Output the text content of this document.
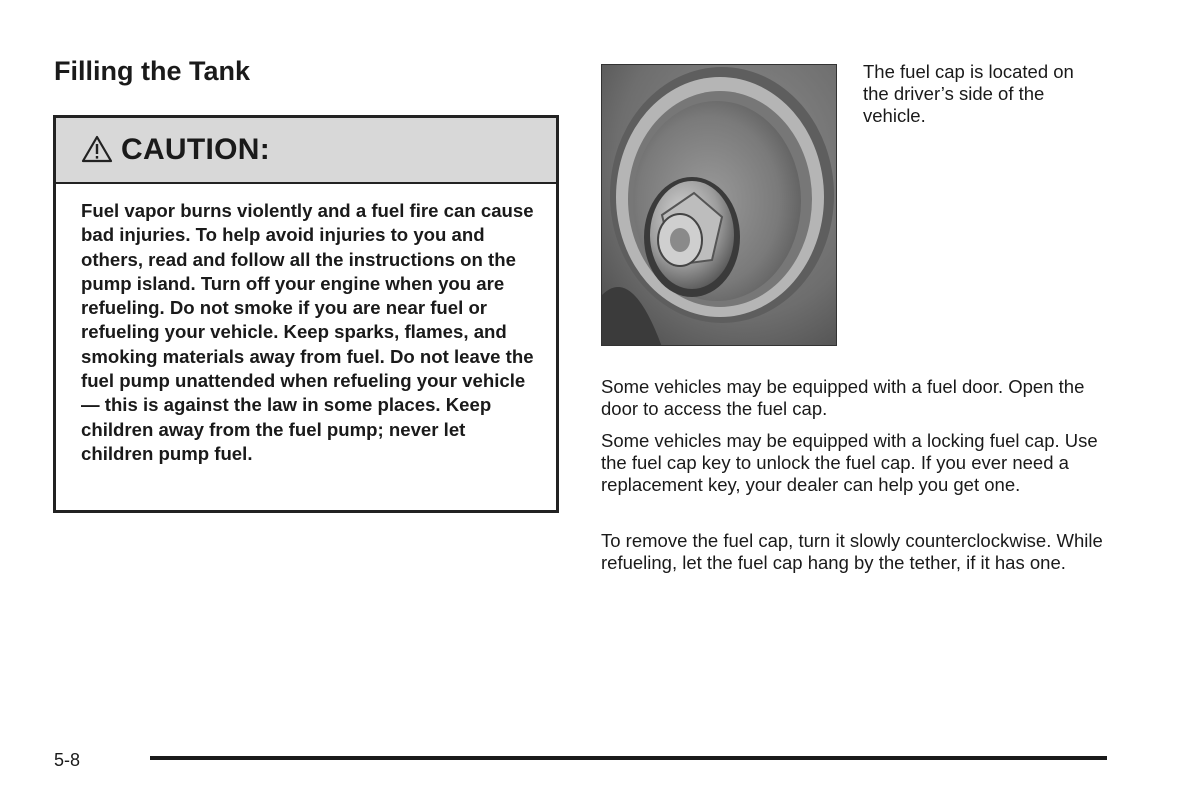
Filling the Tank
CAUTION:

Fuel vapor burns violently and a fuel fire can cause bad injuries. To help avoid injuries to you and others, read and follow all the instructions on the pump island. Turn off your engine when you are refueling. Do not smoke if you are near fuel or refueling your vehicle. Keep sparks, flames, and smoking materials away from fuel. Do not leave the fuel pump unattended when refueling your vehicle — this is against the law in some places. Keep children away from the fuel pump; never let children pump fuel.

The fuel cap is located on the driver’s side of the vehicle.

Some vehicles may be equipped with a fuel door. Open the door to access the fuel cap.

Some vehicles may be equipped with a locking fuel cap. Use the fuel cap key to unlock the fuel cap. If you ever need a replacement key, your dealer can help you get one.

To remove the fuel cap, turn it slowly counterclockwise. While refueling, let the fuel cap hang by the tether, if it has one.

5-8
